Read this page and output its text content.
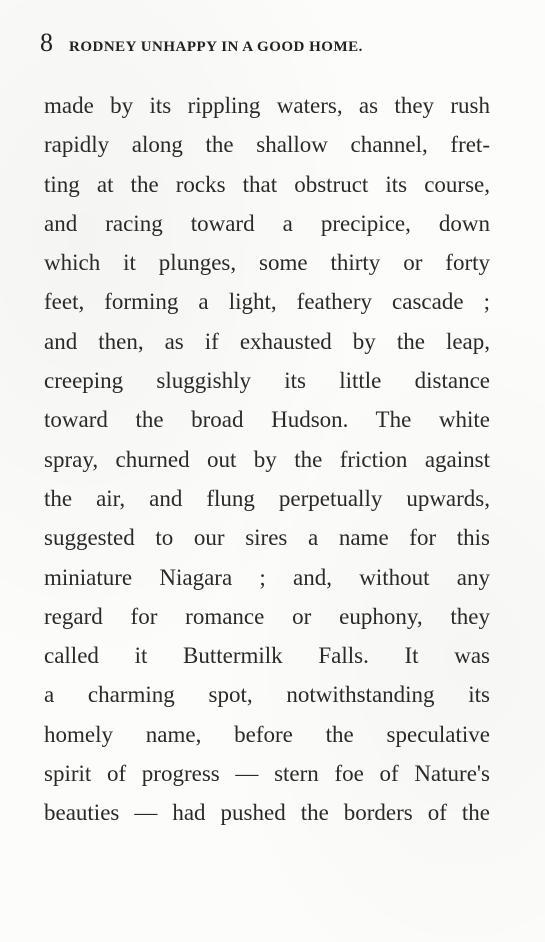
8 RODNEY UNHAPPY IN A GOOD HOME.
made by its rippling waters, as they rush
rapidly along the shallow channel, fret-
ting at the rocks that obstruct its course,
and racing toward a precipice, down
which it plunges, some thirty or forty
feet, forming a light, feathery cascade ;
and then, as if exhausted by the leap,
creeping sluggishly its little distance
toward the broad Hudson. The white
spray, churned out by the friction against
the air, and flung perpetually upwards,
suggested to our sires a name for this
miniature Niagara ; and, without any
regard for romance or euphony, they
called it Buttermilk Falls. It was
a charming spot, notwithstanding its
homely name, before the speculative
spirit of progress — stern foe of Nature's
beauties — had pushed the borders of the
